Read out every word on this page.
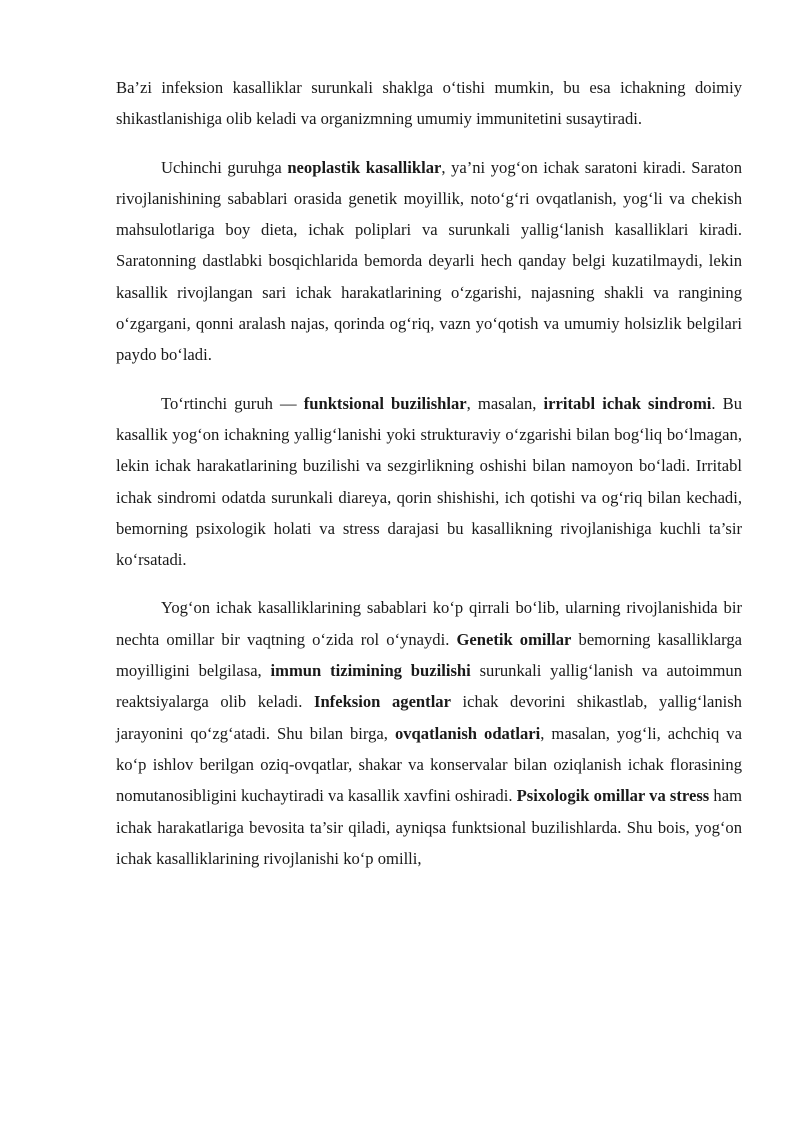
Ba’zi infeksion kasalliklar surunkali shaklga o‘tishi mumkin, bu esa ichakning doimiy shikastlanishiga olib keladi va organizmning umumiy immunitetini susaytiradi.

Uchinchi guruhga neoplastik kasalliklar, ya’ni yog‘on ichak saratoni kiradi. Saraton rivojlanishining sabablari orasida genetik moyillik, noto‘g‘ri ovqatlanish, yog‘li va chekish mahsulotlariga boy dieta, ichak poliplari va surunkali yallig‘lanish kasalliklari kiradi. Saratonning dastlabki bosqichlarida bemorda deyarli hech qanday belgi kuzatilmaydi, lekin kasallik rivojlangan sari ichak harakatlarining o‘zgarishi, najasning shakli va rangining o‘zgargani, qonni aralash najas, qorinda og‘riq, vazn yo‘qotish va umumiy holsizlik belgilari paydo bo‘ladi.

To‘rtinchi guruh — funktsional buzilishlar, masalan, irritabl ichak sindromi. Bu kasallik yog‘on ichakning yallig‘lanishi yoki strukturaviy o‘zgarishi bilan bog‘liq bo‘lmagan, lekin ichak harakatlarining buzilishi va sezgirlikning oshishi bilan namoyon bo‘ladi. Irritabl ichak sindromi odatda surunkali diareya, qorin shishishi, ich qotishi va og‘riq bilan kechadi, bemorning psixologik holati va stress darajasi bu kasallikning rivojlanishiga kuchli ta’sir ko‘rsatadi.

Yog‘on ichak kasalliklarining sabablari ko‘p qirrali bo‘lib, ularning rivojlanishida bir nechta omillar bir vaqtning o‘zida rol o‘ynaydi. Genetik omillar bemorning kasalliklarga moyilligini belgilasa, immun tizimining buzilishi surunkali yallig‘lanish va autoimmun reaktsiyalarga olib keladi. Infeksion agentlar ichak devorini shikastlab, yallig‘lanish jarayonini qo‘zg‘atadi. Shu bilan birga, ovqatlanish odatlari, masalan, yog‘li, achchiq va ko‘p ishlov berilgan oziq-ovqatlar, shakar va konservalar bilan oziqlanish ichak florasining nomutanosibligini kuchaytiradi va kasallik xavfini oshiradi. Psixologik omillar va stress ham ichak harakatlariga bevosita ta’sir qiladi, ayniqsa funktsional buzilishlarda. Shu bois, yog‘on ichak kasalliklarining rivojlanishi ko‘p omilli,
